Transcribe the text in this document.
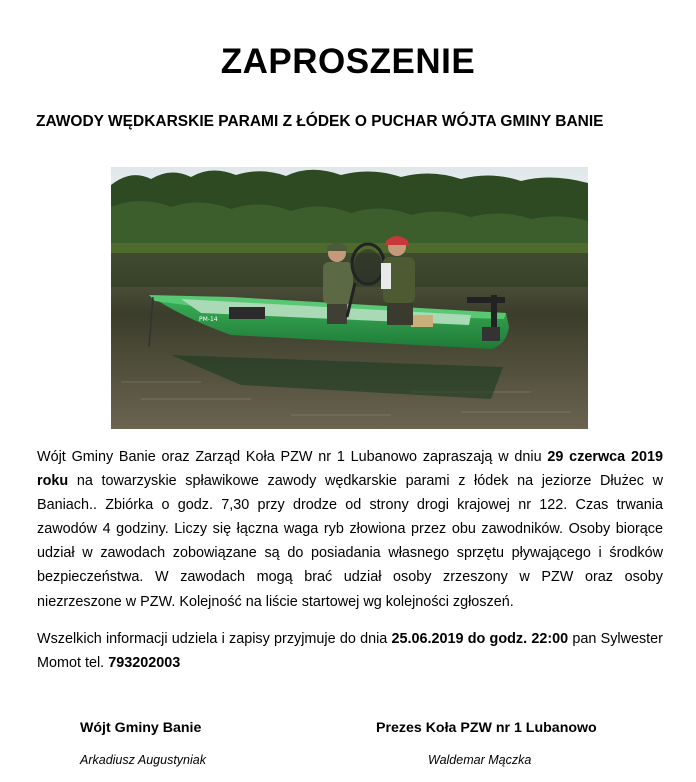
ZAPROSZENIE
ZAWODY WĘDKARSKIE PARAMI Z ŁÓDEK O PUCHAR WÓJTA GMINY BANIE
PM-14

Wójt Gminy Banie oraz Zarząd Koła PZW nr 1 Lubanowo zapraszają w dniu 29 czerwca 2019 roku na towarzyskie spławikowe zawody wędkarskie parami z łódek na jeziorze Dłużec w Baniach.. Zbiórka o godz. 7,30 przy drodze od strony drogi krajowej nr 122. Czas trwania zawodów 4 godziny. Liczy się łączna waga ryb złowiona przez obu zawodników. Osoby biorące udział w zawodach zobowiązane są do posiadania własnego sprzętu pływającego i środków bezpieczeństwa. W zawodach mogą brać udział osoby zrzeszony w PZW oraz osoby niezrzeszone w PZW. Kolejność na liście startowej wg kolejności zgłoszeń.

Wszelkich informacji udziela i zapisy przyjmuje do dnia 25.06.2019 do godz. 22:00 pan Sylwester Momot tel. 793202003

Wójt Gminy Banie
Arkadiusz Augustyniak
Prezes Koła PZW nr 1 Lubanowo
Waldemar Mączka
